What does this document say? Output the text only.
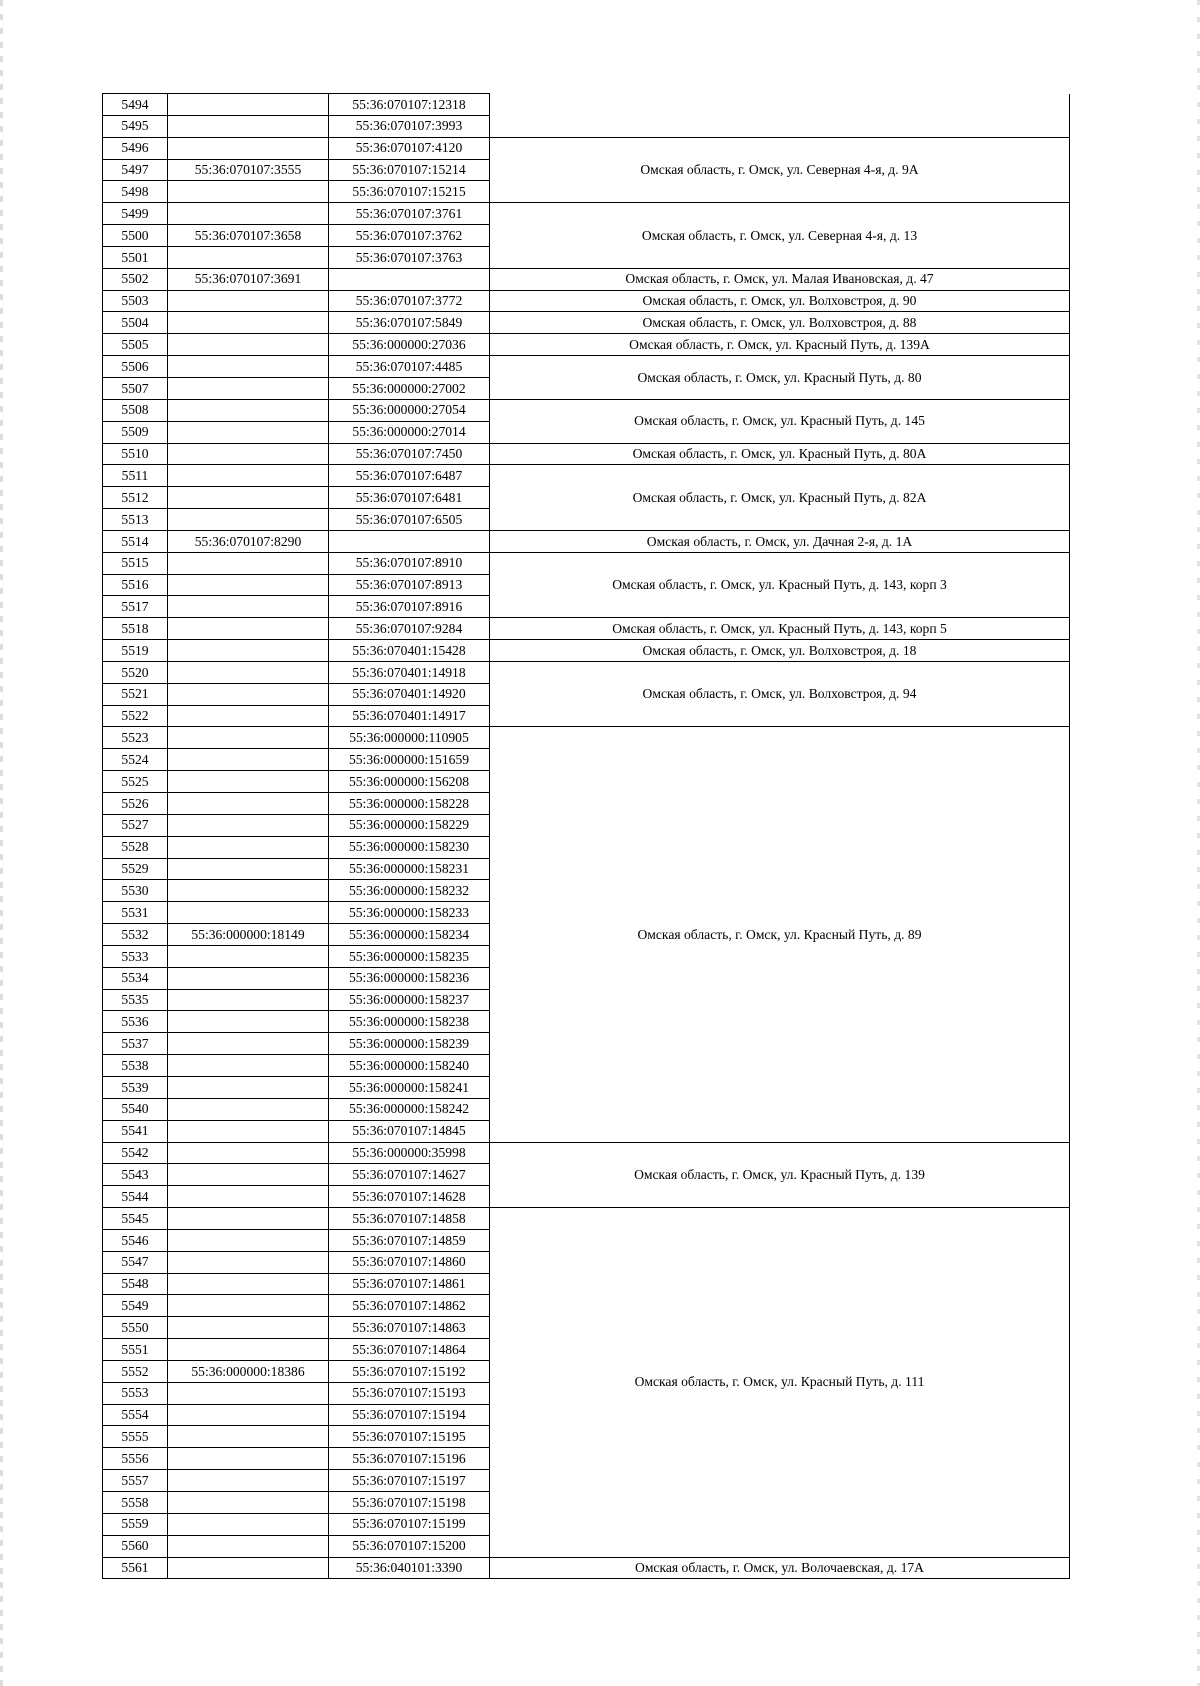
5494		55:36:070107:12318	
5495		55:36:070107:3993	
5496		55:36:070107:4120	Омская область, г. Омск, ул. Северная 4-я, д. 9А
5497	55:36:070107:3555	55:36:070107:15214	
5498		55:36:070107:15215	
5499		55:36:070107:3761	Омская область, г. Омск, ул. Северная 4-я, д. 13
5500	55:36:070107:3658	55:36:070107:3762	
5501		55:36:070107:3763	
5502	55:36:070107:3691		Омская область, г. Омск, ул. Малая Ивановская, д. 47
5503		55:36:070107:3772	Омская область, г. Омск, ул. Волховстроя, д. 90
5504		55:36:070107:5849	Омская область, г. Омск, ул. Волховстроя, д. 88
5505		55:36:000000:27036	Омская область, г. Омск, ул. Красный Путь, д. 139А
5506		55:36:070107:4485	Омская область, г. Омск, ул. Красный Путь, д. 80
5507		55:36:000000:27002	
5508		55:36:000000:27054	Омская область, г. Омск, ул. Красный Путь, д. 145
5509		55:36:000000:27014	
5510		55:36:070107:7450	Омская область, г. Омск, ул. Красный Путь, д. 80А
5511		55:36:070107:6487	Омская область, г. Омск, ул. Красный Путь, д. 82А
5512		55:36:070107:6481	
5513		55:36:070107:6505	
5514	55:36:070107:8290		Омская область, г. Омск, ул. Дачная 2-я, д. 1А
5515		55:36:070107:8910	Омская область, г. Омск, ул. Красный Путь, д. 143, корп 3
5516		55:36:070107:8913	
5517		55:36:070107:8916	
5518		55:36:070107:9284	Омская область, г. Омск, ул. Красный Путь, д. 143, корп 5
5519		55:36:070401:15428	Омская область, г. Омск, ул. Волховстроя, д. 18
5520		55:36:070401:14918	Омская область, г. Омск, ул. Волховстроя, д. 94
5521		55:36:070401:14920	
5522		55:36:070401:14917	
5523		55:36:000000:110905	Омская область, г. Омск, ул. Красный Путь, д. 89
5524		55:36:000000:151659	
5525		55:36:000000:156208	
5526		55:36:000000:158228	
5527		55:36:000000:158229	
5528		55:36:000000:158230	
5529		55:36:000000:158231	
5530		55:36:000000:158232	
5531		55:36:000000:158233	
5532	55:36:000000:18149	55:36:000000:158234	
5533		55:36:000000:158235	
5534		55:36:000000:158236	
5535		55:36:000000:158237	
5536		55:36:000000:158238	
5537		55:36:000000:158239	
5538		55:36:000000:158240	
5539		55:36:000000:158241	
5540		55:36:000000:158242	
5541		55:36:070107:14845	
5542		55:36:000000:35998	Омская область, г. Омск, ул. Красный Путь, д. 139
5543		55:36:070107:14627	
5544		55:36:070107:14628	
5545		55:36:070107:14858	Омская область, г. Омск, ул. Красный Путь, д. 111
5546		55:36:070107:14859	
5547		55:36:070107:14860	
5548		55:36:070107:14861	
5549		55:36:070107:14862	
5550		55:36:070107:14863	
5551		55:36:070107:14864	
5552	55:36:000000:18386	55:36:070107:15192	
5553		55:36:070107:15193	
5554		55:36:070107:15194	
5555		55:36:070107:15195	
5556		55:36:070107:15196	
5557		55:36:070107:15197	
5558		55:36:070107:15198	
5559		55:36:070107:15199	
5560		55:36:070107:15200	
5561		55:36:040101:3390	Омская область, г. Омск, ул. Волочаевская, д. 17А
